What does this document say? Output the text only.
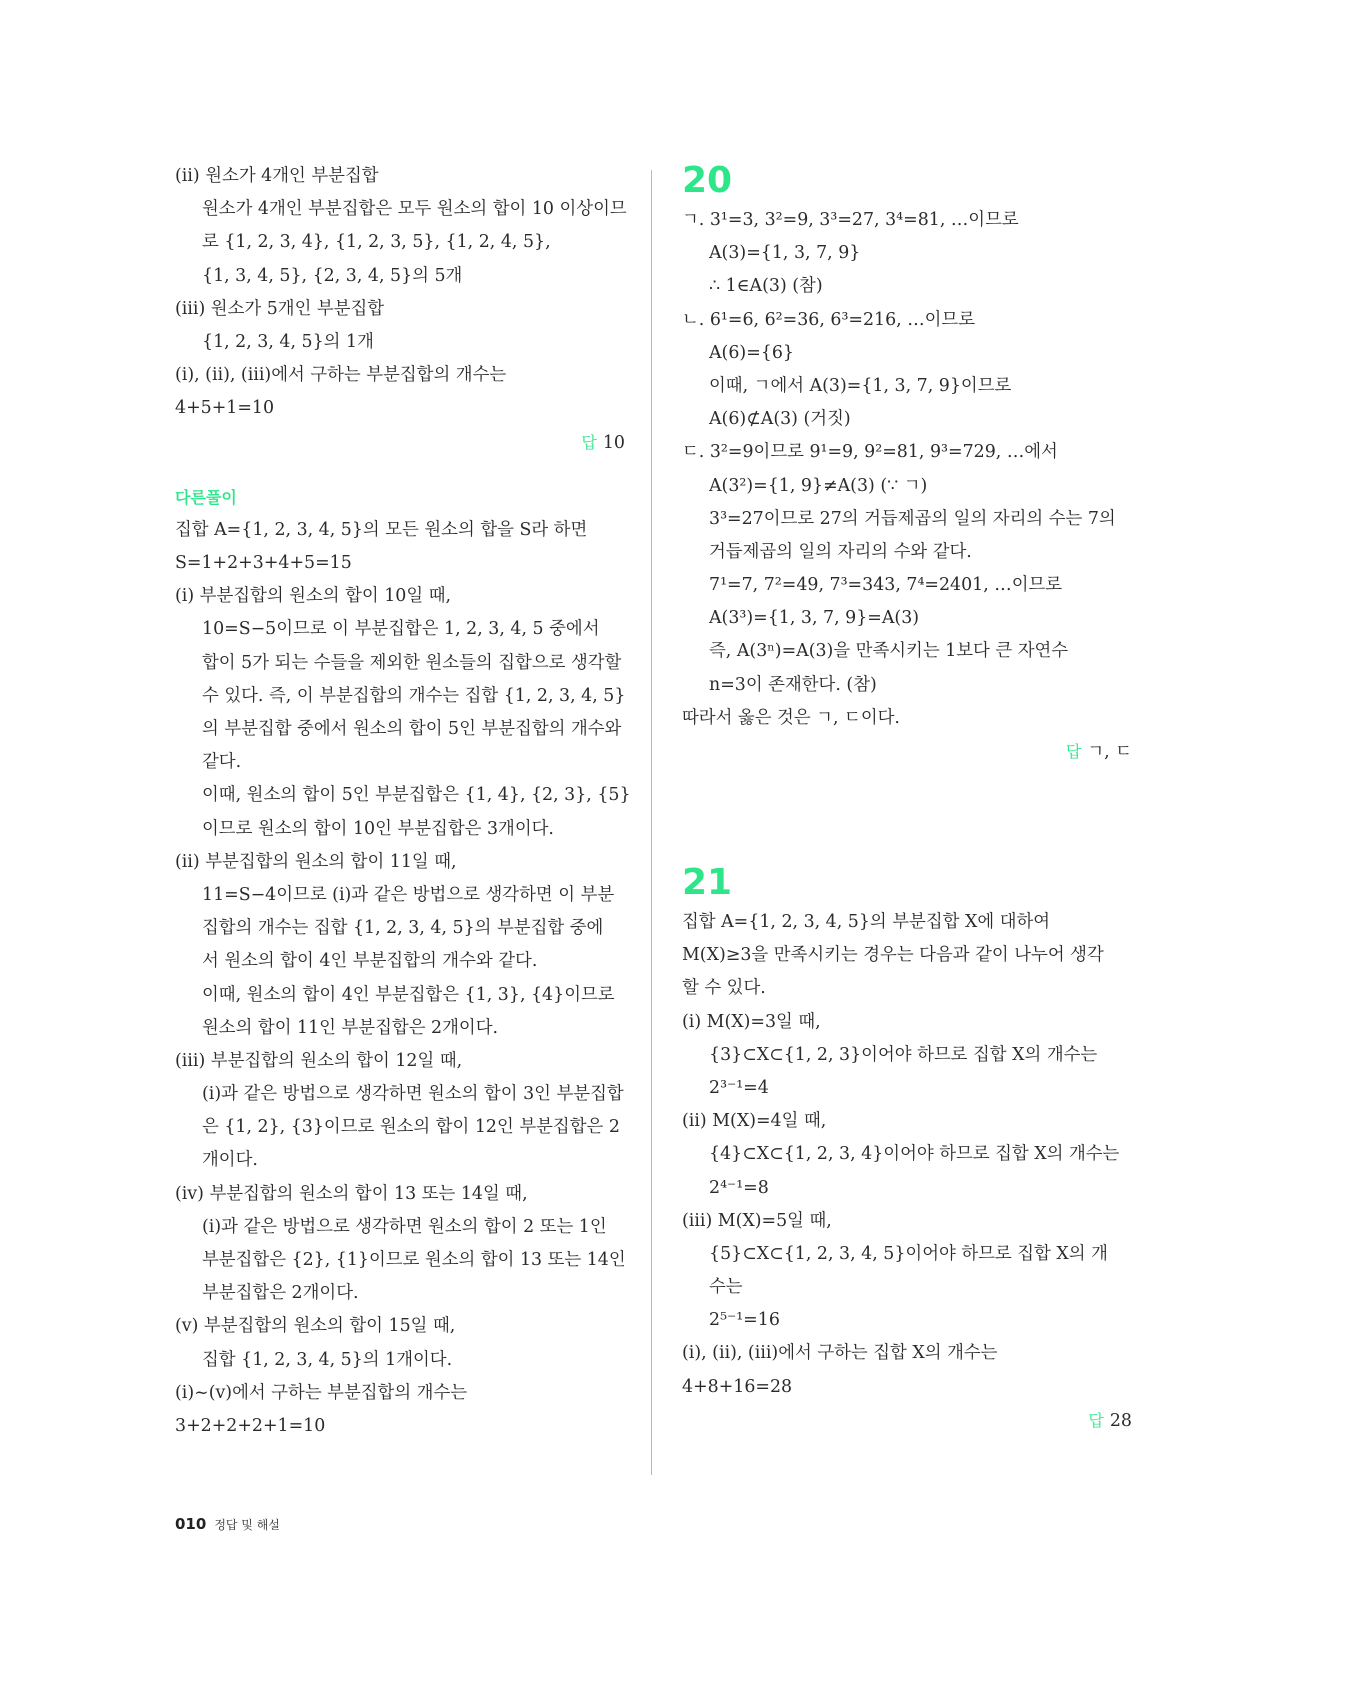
(ⅱ) 원소가 4개인 부분집합
원소가 4개인 부분집합은 모두 원소의 합이 10 이상이므
로 {1, 2, 3, 4}, {1, 2, 3, 5}, {1, 2, 4, 5},
{1, 3, 4, 5}, {2, 3, 4, 5}의 5개
(ⅲ) 원소가 5개인 부분집합
{1, 2, 3, 4, 5}의 1개
(ⅰ), (ⅱ), (ⅲ)에서 구하는 부분집합의 개수는
4+5+1=10
답 10
다른풀이
집합 A={1, 2, 3, 4, 5}의 모든 원소의 합을 S라 하면
S=1+2+3+4+5=15
(ⅰ) 부분집합의 원소의 합이 10일 때,
10=S−5이므로 이 부분집합은 1, 2, 3, 4, 5 중에서
합이 5가 되는 수들을 제외한 원소들의 집합으로 생각할
수 있다. 즉, 이 부분집합의 개수는 집합 {1, 2, 3, 4, 5}
의 부분집합 중에서 원소의 합이 5인 부분집합의 개수와
같다.
이때, 원소의 합이 5인 부분집합은 {1, 4}, {2, 3}, {5}
이므로 원소의 합이 10인 부분집합은 3개이다.
(ⅱ) 부분집합의 원소의 합이 11일 때,
11=S−4이므로 (ⅰ)과 같은 방법으로 생각하면 이 부분
집합의 개수는 집합 {1, 2, 3, 4, 5}의 부분집합 중에
서 원소의 합이 4인 부분집합의 개수와 같다.
이때, 원소의 합이 4인 부분집합은 {1, 3}, {4}이므로
원소의 합이 11인 부분집합은 2개이다.
(ⅲ) 부분집합의 원소의 합이 12일 때,
(ⅰ)과 같은 방법으로 생각하면 원소의 합이 3인 부분집합
은 {1, 2}, {3}이므로 원소의 합이 12인 부분집합은 2
개이다.
(ⅳ) 부분집합의 원소의 합이 13 또는 14일 때,
(ⅰ)과 같은 방법으로 생각하면 원소의 합이 2 또는 1인
부분집합은 {2}, {1}이므로 원소의 합이 13 또는 14인
부분집합은 2개이다.
(ⅴ) 부분집합의 원소의 합이 15일 때,
집합 {1, 2, 3, 4, 5}의 1개이다.
(ⅰ)~(ⅴ)에서 구하는 부분집합의 개수는
3+2+2+2+1=10
20
ㄱ. 3¹=3, 3²=9, 3³=27, 3⁴=81, …이므로
A(3)={1, 3, 7, 9}
∴ 1∈A(3) (참)
ㄴ. 6¹=6, 6²=36, 6³=216, …이므로
A(6)={6}
이때, ㄱ에서 A(3)={1, 3, 7, 9}이므로
A(6)⊄A(3) (거짓)
ㄷ. 3²=9이므로 9¹=9, 9²=81, 9³=729, …에서
A(3²)={1, 9}≠A(3) (∵ ㄱ)
3³=27이므로 27의 거듭제곱의 일의 자리의 수는 7의
거듭제곱의 일의 자리의 수와 같다.
7¹=7, 7²=49, 7³=343, 7⁴=2401, …이므로
A(3³)={1, 3, 7, 9}=A(3)
즉, A(3ⁿ)=A(3)을 만족시키는 1보다 큰 자연수
n=3이 존재한다. (참)
따라서 옳은 것은 ㄱ, ㄷ이다.
답 ㄱ, ㄷ
21
집합 A={1, 2, 3, 4, 5}의 부분집합 X에 대하여
M(X)≥3을 만족시키는 경우는 다음과 같이 나누어 생각
할 수 있다.
(ⅰ) M(X)=3일 때,
{3}⊂X⊂{1, 2, 3}이어야 하므로 집합 X의 개수는
2³⁻¹=4
(ⅱ) M(X)=4일 때,
{4}⊂X⊂{1, 2, 3, 4}이어야 하므로 집합 X의 개수는
2⁴⁻¹=8
(ⅲ) M(X)=5일 때,
{5}⊂X⊂{1, 2, 3, 4, 5}이어야 하므로 집합 X의 개
수는
2⁵⁻¹=16
(ⅰ), (ⅱ), (ⅲ)에서 구하는 집합 X의 개수는
4+8+16=28
답 28
010 정답 및 해설
